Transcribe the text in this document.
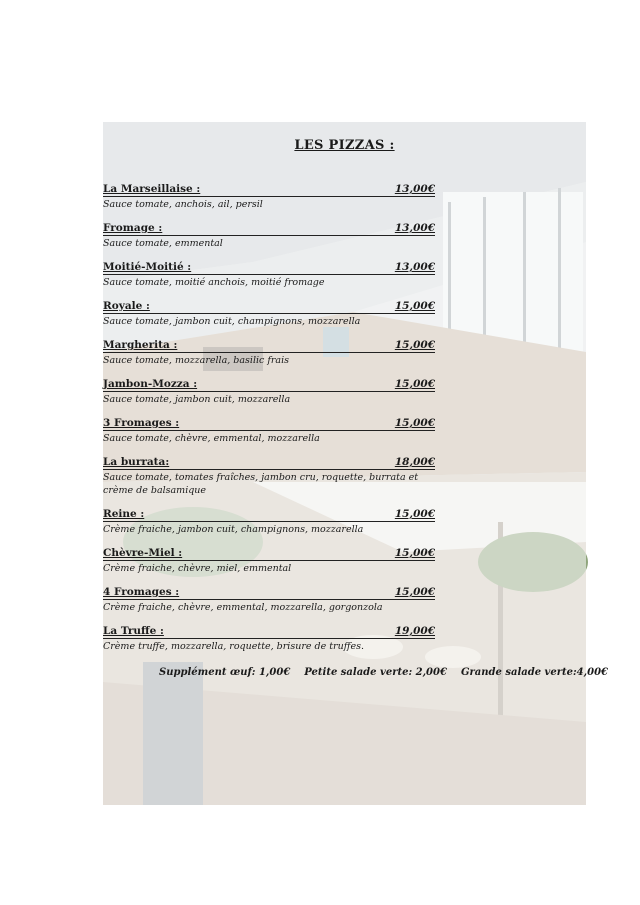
LES PIZZAS :
La Marseillaise :	13,00€
Sauce tomate, anchois, ail, persil
Fromage :	13,00€
Sauce tomate, emmental
Moitié-Moitié :	13,00€
Sauce tomate, moitié anchois, moitié fromage
Royale :	15,00€
Sauce tomate, jambon cuit, champignons, mozzarella
Margherita :	15,00€
Sauce tomate, mozzarella, basilic frais
Jambon-Mozza :	15,00€
Sauce tomate, jambon cuit, mozzarella
3 Fromages :	15,00€
Sauce tomate, chèvre, emmental, mozzarella
La burrata:	18,00€
Sauce tomate, tomates fraîches, jambon cru, roquette, burrata et crème de balsamique
Reine :	15,00€
Crème fraiche, jambon cuit, champignons, mozzarella
Chèvre-Miel :	15,00€
Crème fraiche, chèvre, miel, emmental
4 Fromages :	15,00€
Crème fraiche, chèvre, emmental, mozzarella, gorgonzola
La Truffe :	19,00€
Crème truffe, mozzarella, roquette, brisure de truffes.
Supplément œuf: 1,00€ Petite salade verte: 2,00€ Grande salade verte:4,00€
